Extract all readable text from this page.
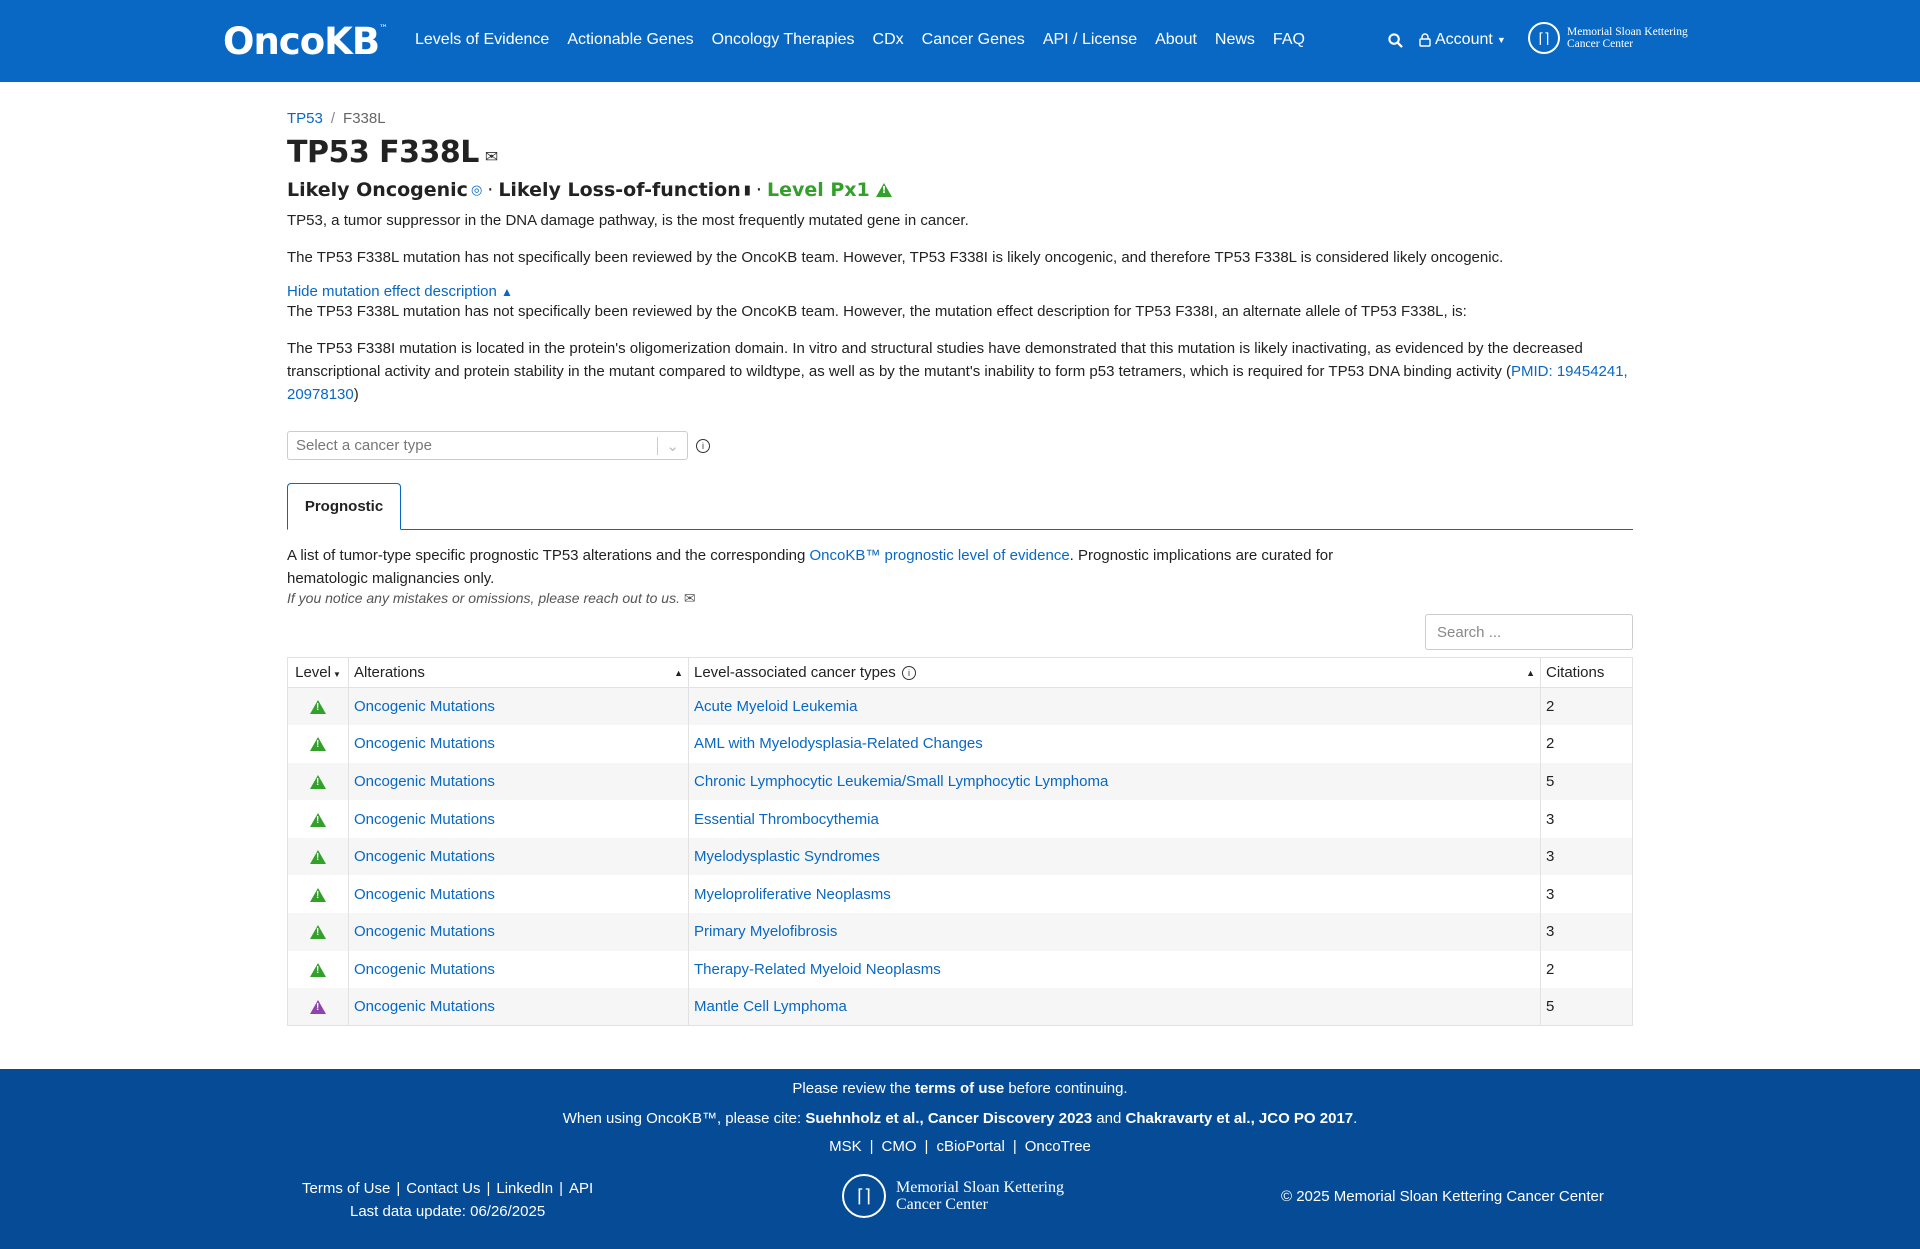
OncoKB™
Levels of Evidence Actionable Genes Oncology Therapies CDx Cancer Genes API / License About News FAQ	Account ▼	⌈⌉	Memorial Sloan Kettering
Cancer Center
TP53 / F338L
TP53 F338L ✉
Likely Oncogenic ◎ · Likely Loss-of-function ▮ · Level Px1
!

TP53, a tumor suppressor in the DNA damage pathway, is the most frequently mutated gene in cancer.

The TP53 F338L mutation has not specifically been reviewed by the OncoKB team. However, TP53 F338I is likely oncogenic, and therefore TP53 F338L is considered likely oncogenic.

Hide mutation effect description ▲

The TP53 F338L mutation has not specifically been reviewed by the OncoKB team. However, the mutation effect description for TP53 F338I, an alternate allele of TP53 F338L, is:

The TP53 F338I mutation is located in the protein's oligomerization domain. In vitro and structural studies have demonstrated that this mutation is likely inactivating, as evidenced by the decreased transcriptional activity and protein stability in the mutant compared to wildtype, as well as by the mutant's inability to form p53 tetramers, which is required for TP53 DNA binding activity (PMID: 19454241, 20978130)

Select a cancer type	⌄	i
Prognostic

A list of tumor-type specific prognostic TP53 alterations and the corresponding OncoKB™ prognostic level of evidence. Prognostic implications are curated for hematologic malignancies only.

If you notice any mistakes or omissions, please reach out to us. ✉

Search ...
Level ▼	Alterations ▲	Level-associated cancer types i ▲	Citations
!	Oncogenic Mutations	Acute Myeloid Leukemia	2
!	Oncogenic Mutations	AML with Myelodysplasia-Related Changes	2
!	Oncogenic Mutations	Chronic Lymphocytic Leukemia/Small Lymphocytic Lymphoma	5
!	Oncogenic Mutations	Essential Thrombocythemia	3
!	Oncogenic Mutations	Myelodysplastic Syndromes	3
!	Oncogenic Mutations	Myeloproliferative Neoplasms	3
!	Oncogenic Mutations	Primary Myelofibrosis	3
!	Oncogenic Mutations	Therapy-Related Myeloid Neoplasms	2
!	Oncogenic Mutations	Mantle Cell Lymphoma	5
Please review the terms of use before continuing.
When using OncoKB™, please cite: Suehnholz et al., Cancer Discovery 2023 and Chakravarty et al., JCO PO 2017.
MSK | CMO | cBioPortal | OncoTree
Terms of Use | Contact Us | LinkedIn | API
Last data update: 06/26/2025
⌈⌉	Memorial Sloan Kettering
Cancer Center	© 2025 Memorial Sloan Kettering Cancer Center
